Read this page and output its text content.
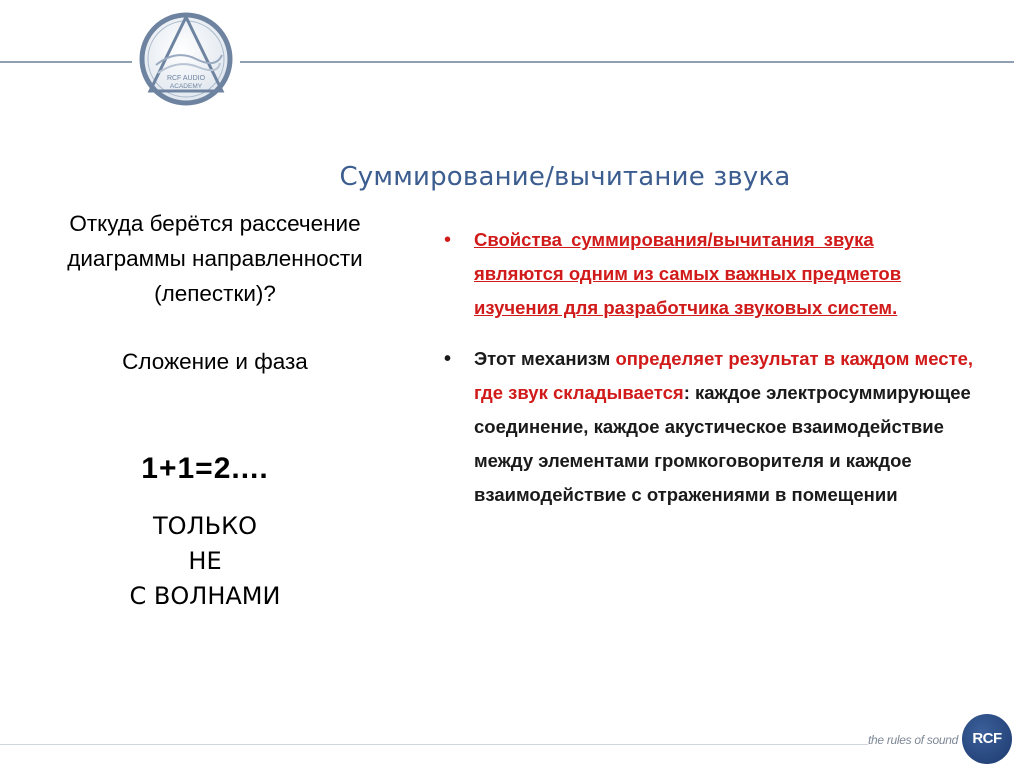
RCF AUDIO
ACADEMY
Суммирование/вычитание звука
Откуда берётся рассечение
диаграммы направленности
(лепестки)?
Сложение и фаза
1+1=2....
ТОЛЬКО
НЕ
С ВОЛНАМИ
• Свойства суммирования/вычитания звука
являются одним из самых важных предметов
изучения для разработчика звуковых систем.
• Этот механизм определяет результат в каждом месте, где звук складывается: каждое электросуммирующее соединение, каждое акустическое взаимодействие между элементами громкоговорителя и каждое взаимодействие с отражениями в помещении
the rules of sound RCF
